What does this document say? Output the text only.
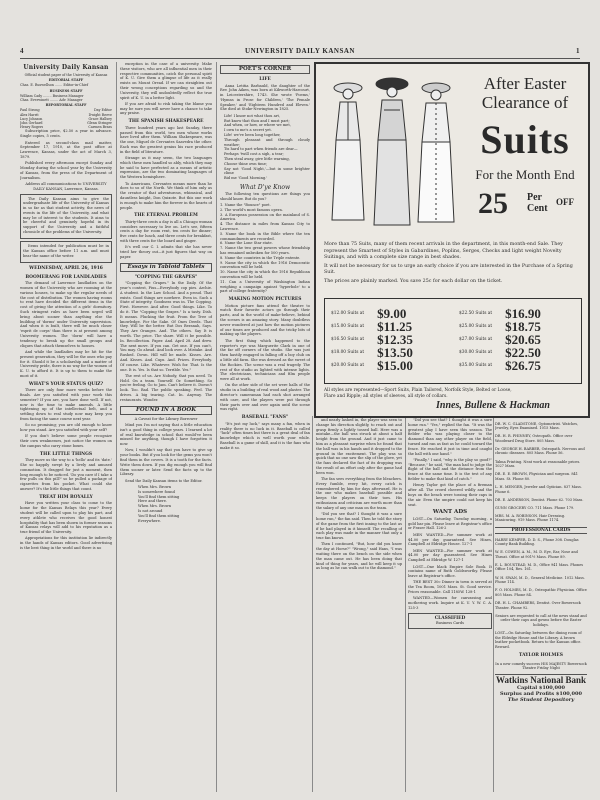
4	UNIVERSITY DAILY KANSAN	1
University Daily Kansan

Official student paper of the University of Kansas

EDITORIAL STAFF
Chas. E. Ruswellson ....... Editor-in-Chief
BUSINESS STAFF
William Cady ........ Business Manager
Chas. Everwinett ........ Adv. Manager
REPORTORIAL STAFF
Paul Strong	Day Editor
Alex Harrit	Dwight Reeve
Lucy Johnson	Grace Hallsey
John Gerhard	Glenn Stringer
Henry Rogers	Carmen Brass

Subscription price, $2.50 a year in advance. Single copies, 5 cents.

Entered as second-class mail matter, September 17, 1910, at the post office at Lawrence, Kansas, under the act of March 3, 1879.

Published every afternoon except Sunday and Monday during the school year by the University of Kansas, from the press of the Department of Journalism.

Address all communications to UNIVERSITY DAILY KANSAN, Lawrence, Kansas.

The Daily Kansan aims to give the undergraduate life of the University of Kansas in so far as that student activity, the news of events in the life of the University, and what may be of interest to the students. It aims to be cheerful and genuinely hopeful in its support of the University and a faithful chronicle of the problems of the University.

Items intended for publication must be in the Kansan office before 11 a.m. and must bear the name of the writer.

WEDNESDAY, APRIL 26, 1916
BOOMERANG FOR LANDLADIES

The demand of Lawrence landladies on the women of the University who are rooming at the various houses, to make up the regular needs of the cost of distribution. The women having rooms to rent have decided the different items in the cost of giving the attention of a girls' dormitory. Such stringent rules as have been urged will bring about sooner than anything else the building of 'dorms' under University supervision. And when it is built, there will be much closer 'esprit de corps' than there is at present among University women. The 'dorm' will have a tendency to break up the small groups and cliques that attach themselves to houses.

And while the landladies may be hit for the present generation, they will be the ones who pay for it. Should it be a scholarship and a matter of University pride, there is no way for the women of K. U. to afford it. It is up to them to make the most of it.

WHAT'S YOUR STATUS QUIZ?

There are only four more weeks before the finals. Are you satisfied with your work this semester? If you are, you have done well. If not, now is the time to make amends. A little tightening up of the intellectual belt, and a settling down to real study now may keep you from facing the same course next year.

So no promising; you are old enough to know how you stand. Are you satisfied with your self?

If you don't believe some people recognize their own weaknesses, just notice the women on the campus who carry stone boxes.

THE LITTLE THINGS

They move us the way to a 'hello' and its 'date.' She so happily swept by a lively and amused commotion. It dragged for just a moment, then long enough to be noticed. 'Do you care if I take a few pulls on this pill?' so he pulled a package of cigarettes from his pocket. What could she answer? It's the little things that count.

TREAT HIM ROYALLY

Have you written your class to come to the home for the Kansas Relays this year? Every student will be called upon to play his part, and every athlete who receives the good honest hospitality that has been shown in former seasons of Kansas relays will add to his reputation as a true friend of the University.

Appropriations for this institution lie indirectly in the hands of Kansas editors. Good advertising is the best thing in the world and there is no

exception in the case of a university. Make these visitors, who are all influential men in their respective communities, catch the personal spirit of K. U. Give them a glimpse of life as it really exists on Mount Oread. If we can straighten out their wrong conceptions regarding us and the University, they will undoubtedly reflect the true spirit of K. U. in a better light.

If you are afraid to risk taking the blame you may be sure you will never have a chance to take any praise.

THE SPANISH SHAKESPEARE

Three hundred years ago last Sunday, there passed from this world, two men whose works have lived after them. William Shakespeare, was the one, Miguel de Cervantes Saavedra the other. Each was the greatest genius his race produced in the field of literature.

Strange as it may seem, the two languages which these men handled so ably, which they may be said to have perfected as a means of artistic expression, are the two dominating languages of the Western hemisphere.

To Americans, Cervantes means more than he does to us of the North. We think of him only as the creator of that adventurous, whimsical, and dauntless knight, Don Quixote. But this one work is enough to make him the forever in the hearts of people.

THE ETERNAL PROBLEM

Thirty-three cents a day is all a Chicago woman considers necessary to live on. Let's see, fifteen cents a day for room rent, ten cents for dinner; five cents for lunch, and three cents for breakfast, with three cents for the board and ginger.

It's well our C. I. admits that she has never tried her theory out—it just figures that way on paper.

Essays in Tabloid Tablets
"COPPING THE GRAPES"

"Copping the Grapes." In the Daily. Of the year's contest, Pius—Everybody cop pies. Archie. A student. In the Law School. And a proud. That exists. Good things are nowhere. Even in. Such a State of integrity. Goodness was in. The Copping. First. However. And after. Good things. Like. To do it. The "Copping the Grapes." Is a tasty. Dish. It means. Plucking the fruit. From the Tree of knowledge. For the Sake. Of Ones Deeds. That they. Will be the better. But Dos Beranah, Says. They Are Oranges. And. The others. Say It is worth. The price. The share. Will it be possible. In. Recollection. Paper. And. April 28. And drew. The next move. If you can. Get one. If you can't, You may. Go ahead. And look over. A Mistake. And Rushed. Down. Hill will be made. Kisses. Are. And. Kisses. And. Cups. And. Prizes. Everybody. Of course. Like. Whatever. Wish for. That. Is the one. It is. Yes. Is that so. Terrible. Yes."

The rest of us. Are Nobody, that you need. To Hold. On a team. Yourself. Or. Something. So you're feeling. Go to Jam. Can't believe it. Doesn't look. Too. Bad. The public speaking. Feel. The drives. A big tearing. Cat. In. Anyway. The restaurants. Wonder.

FOUND IN A BOOK

A Caveat for the Library Borrower

Mind you I'm not saying that a little education isn't a good thing in college years. I learned a lot of real knowledge in school that would've been missed for anything, though I have forgotten it now.

Now, I wouldn't say that you have to give up your books. But if you look for the gems you won't find them in the covers. It is a tooth for the facts. Write them down. If you dig enough you will find them sooner or later. Send the facts up to the Library.

Send the Daily Kansan items to the Editor.

When Mrs. Brown
Is somewhere found
You'll find them sitting
Here and there.
When Mrs. Brown
Is not around
You'll find them sitting
Everywhere.
POET'S CORNER
LIFE

Anna Letitia Barbauld, the daughter of the Rev. John Aiken, was born at Kibworth-Harcourt, in Leicestershire, 1743. She wrote 'Poems,' 'Hymns in Prose for Children,' 'The Female Speaker,' and 'Eighteen Hundred and Eleven.' She died at Stoke-Newington in 1825.

Life! I know not what thou art,
But know that thou and I must part;
And when, or how, or where we met,
I own to me's a secret yet.
Life! we've been long together,
Through pleasant and through cloudy weather;
Tis hard to part when friends are dear—
Perhaps 'twill cost a sigh, a tear;
Then steal away, give little warning,
Choose thine own time;
Say not 'Good Night,'—but in some brighter clime
Bid me 'Good Morning.'
What D'ye Know

The following ten questions are things you should know. But do you?

1. Name the "Bounce" poet.
2. The world's most famous opera.
3. A European possession on the mainland of S. America.
4. The distance in miles from Kansas City to Lawrence.
5. Name the book in the Bible where the ten commandments are recorded.
6. Name the Lone Star state.
7. Name the two great powers whose friendship has remained unbroken for 500 years.
8. Name the countries in the Triple entente.
9. Name the city in which the 1916 Democratic convention will be held.
10. Name the city in which the 1916 Republican convention will be held.
11. Can a University of Washington Indian weighing a campaign against 'hyperbole' to a part of college fraternity?
MAKING MOTION PICTURES

Motion picture fans attend the theatre to watch their favorite actors go through their parts, and in the world of make-believe, behind the scenes is an amazing story. Many doubtless never wondered at just how the motion pictures of our times are produced and the tricky bits of making up the players.

The first thing which happened to the reporter's eye was Marguerite Clark in one of the far off corners of the studio. She was just then hastily engaged in falling off a boy club on a little old farm. She was dressed as the sweet of the Rockies. The scene was a real tragedy. The rest of the studio as lighted with intense lights. The electricians, technicians and film people were all at work.

On the other side of the set were halls of the studio in a building of real wood and plaster. The director's cameraman had each shot arranged with care, and the players were put through their parts over and over again until the scene was right.

BASEBALL "FANS"

"It's just my luck," says many a fan, when in reality there is no luck in it. Baseball is called "luck" often times but there is a great deal of fan knowledge which is well worth your while. Baseball is a game of skill, and it is the fans who make it so.

After Easter
Clearance of
Suits
For the Month End
25 Per
Cent
OFF
More than 75 Suits, many of them recent arrivals in the department, in this month-end Sale. They represent the Smartest of Styles in Gabardines, Poplins, Serges, Checks and light weight Novelty Suitings, and with a complete size range in best shades.
It will not be necessary for us to urge an early choice if you are interested in the Purchase of a Spring Suit.
The prices are plainly marked. You save 25c for each dollar on the ticket.
$12.00 Suits at	$9.00	$22.50 Suits at	$16.90
$15.00 Suits at	$11.25	$25.00 Suits at	$18.75
$16.50 Suits at	$12.35	$27.00 Suits at	$20.65
$18.00 Suits at	$13.50	$30.00 Suits at	$22.50
$20.00 Suits at	$15.00	$35.00 Suits at	$26.75
All styles are represented—Sport Suits, Plain Tailored, Norfolk Style, Belted or Loose, Flare and Ripple; all styles of sleeves, all style of collars.
Innes, Bullene & Hackman

and nearly lashed in, the player was seen to change his direction slightly, to reach out and grasp firmly a lightly tossed ball. Here was a mistake—the ball was struck at about a half height from the ground. And it just came to him as a pleasant surprise when he found that the ball was in his hands and it dropped to the ground in the excitement. The play was so quick that no one saw the slip of the glove, yet the fans declared the fact of its dropping was the result of an effort only after the game had been won.

The fan sees everything from the bleachers. Every fumble, every hit, every catch is remembered by him for days afterward. He is the one who makes baseball possible and keeps the players on their toes. His enthusiasm and criticism are worth more than the salary of any one man on the team.

"Did you see that? I thought it was a sure home run," the fan said. Then he told the story of the game from the first inning to the last as if he had played in it himself. The recalling of each play was made in the manner that only a true fan knows.

Then I continued, "But, how did you know the day at Horse?" "Wrong," said Hans, "I was waiting there on the bench on the side when the man came out. He has been doing that kind of thing for years, and he will keep it up as long as he can walk out to the diamond."

"Did you see that? I thought it was a sure home run." "Yes," replied the fan. "It was the greatest play I have seen this season. The fielder who was playing closer to the diamond than any other player on the field, turned and ran as fast as he could toward the fence. He reached it just in time and caught the ball with one hand."

"Finally," I said, "why is the play so good?" "Because," he said, "the man had to judge the flight of the ball and the distance from the fence at the same time. It is the test of any fielder to make that kind of catch."

Henry Taylor got the place of a fireman after all. The crowd cheered wildly and the boys on the bench were tossing their caps in the air. Even the umpire could not keep his seat.

WANT ADS

LOST—On Saturday, Tuesday morning, a gold bar pin. Please leave at Registrar's office or Fraser Hall. 126-2

MEN WANTED—For summer work at $4.00 per day guaranteed. See Hines, Campbell at Eldridge House. 127-1

MEN WANTED—For summer work at $4.00 per day guaranteed. See Hines Campbell at Eldridge W. 127-1

LOST—One black Empire Sole Book. It contains name of Ruth Goldsworthy. Please leave at Registrar's office.

THE BEST 30c Dinner in town is served at the Tea Room, 1001 Mass. St. Good service. Prices reasonable. Call 1185W. 128-1

WANTED—Women for canvassing and mothering work. Inquire at K. U. Y. W. C. A. 125-3

CLASSIFIED
Business Cards

DR. W. C. GLADSTONE, Optometrist. Watches, Jewelry, Eyes Examined. 1015 Mass.

DR. H. R. PHINNEY, Osteopath. Office over Woodward Drug Store. 805 Mass.

Dr. GEORGE H. BARBER, Osteopath. Nervous and chronic diseases. 805 Mass. Phone 56.

Talma Printing. Neat work at reasonable prices. 1027 Mass.

DR. E. E. BROWN, Physician and surgeon. 841 Mass. St. Phone 80.

L. H. MENGER, Jeweler and Optician. 837 Mass. Phone 6.

DR. E. ANDERSON, Dentist. Phone 62. 703 Mass.

GUNN GROCERY CO. 711 Mass. Phone 179.

MRS. M. A. ROBINSON. Hair Dressing. Manicuring. 919 Mass. Phone 1174.

PROFESSIONAL CARDS

HARRY KEMPER, D. D. S., Phone 308. Douglas County Bank Building.

W. E. COWEN, A. M., M. D. Eye, Ear, Nose and Throat. Office at 901½ Mass. Phone 89.

E. L. BOUSTEAD, M. D., Office 941 Mass. Phones Office 104, Res. 161.

W. H. SWAN, M. D., General Medicine. 1012 Mass. Phone 114.

F. O. HOLMES, M. D., Osteopathic Physician. Office 805 Mass. Phone 84.

DR. H. L. CHAMBERS, Dentist. Over Bowersock Theater. Phone 92.

Seniors are requested to call at the news stand and order their caps and gowns before the Easter holidays.

LOST—On Saturday, between the dining room of the Eldridge House and the Library. A brown leather pocketbook. Return to the Kansan office. Reward.

TAYLOR HOLMES

In a new comedy success HIS MAJESTY Bowersock Theatre Friday Night

Watkins National Bank
Capital $100,000
Surplus and Profits $100,000
The Student Depository
